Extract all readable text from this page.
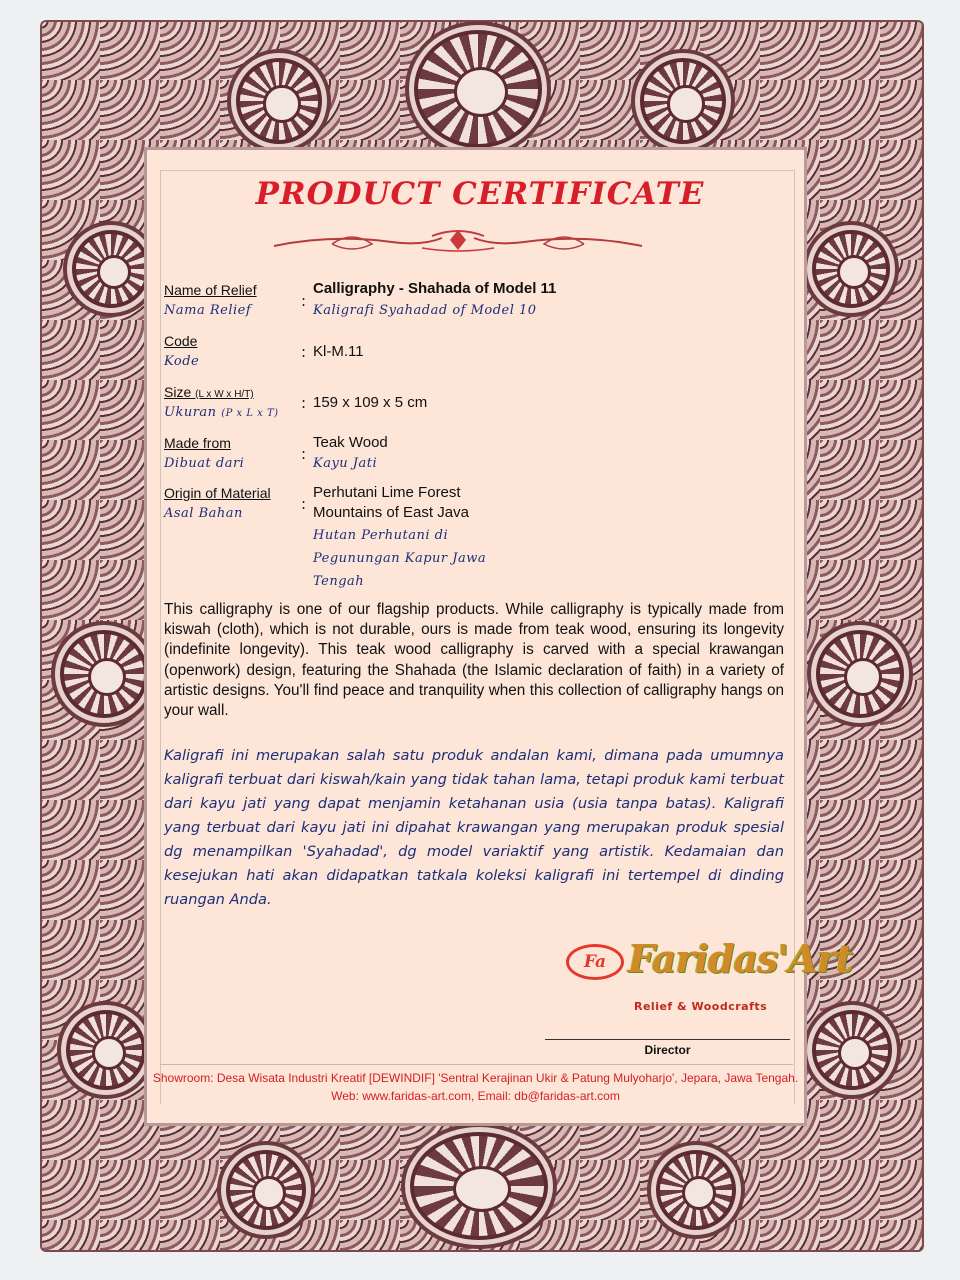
PRODUCT CERTIFICATE
Name of Relief
Nama Relief
:
Calligraphy - Shahada of Model 11
Kaligrafi Syahadad of Model 10
Code
Kode
: Kl-M.11
Size (L x W x H/T)
Ukuran (P x L x T)
: 159 x 109 x 5 cm
Made from
Dibuat dari
:
Teak Wood
Kayu Jati
Origin of Material
Asal Bahan
:
Perhutani Lime Forest
Mountains of East Java
Hutan Perhutani di
Pegunungan Kapur Jawa
Tengah

This calligraphy is one of our flagship products. While calligraphy is typically made from kiswah (cloth), which is not durable, ours is made from teak wood, ensuring its longevity (indefinite longevity). This teak wood calligraphy is carved with a special krawangan (openwork) design, featuring the Shahada (the Islamic declaration of faith) in a variety of artistic designs. You'll find peace and tranquility when this collection of calligraphy hangs on your wall.

Kaligrafi ini merupakan salah satu produk andalan kami, dimana pada umumnya kaligrafi terbuat dari kiswah/kain yang tidak tahan lama, tetapi produk kami terbuat dari kayu jati yang dapat menjamin ketahanan usia (usia tanpa batas). Kaligrafi yang terbuat dari kayu jati ini dipahat krawangan yang merupakan produk spesial dg menampilkan 'Syahadad', dg model variaktif yang artistik. Kedamaian dan kesejukan hati akan didapatkan tatkala koleksi kaligrafi ini tertempel di dinding ruangan Anda.

Fa Faridas'Art
Relief & Woodcrafts
Director
Showroom: Desa Wisata Industri Kreatif [DEWINDIF] 'Sentral Kerajinan Ukir & Patung Mulyoharjo', Jepara, Jawa Tengah.
Web: www.faridas-art.com, Email: db@faridas-art.com
